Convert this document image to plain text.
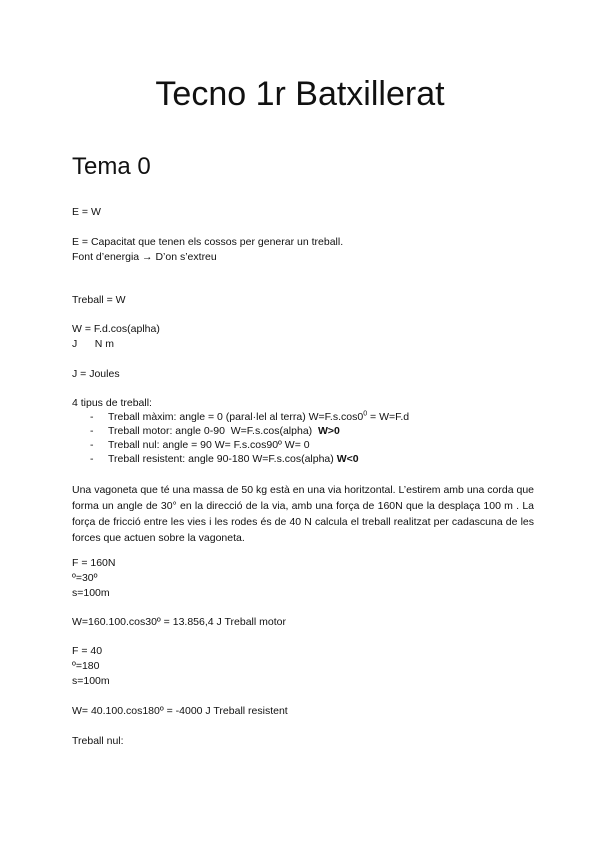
Tecno 1r Batxillerat
Tema 0
E = W
E = Capacitat que tenen els cossos per generar un treball.
Font d’energia → D’on s’extreu
Treball = W
W = F.d.cos(aplha)
J      N m
J = Joules
4 tipus de treball:
- Treball màxim: angle = 0 (paral·lel al terra) $W=F.s.\cos 0^0 = W=F.d$
- Treball motor: angle 0-90  W=F.s.cos(alpha)  W>0
- Treball nul: angle = 90 W= F.s.cos90º W= 0
- Treball resistent: angle 90-180 W=F.s.cos(alpha) W<0

Una vagoneta que té una massa de 50 kg està en una via horitzontal. L’estirem amb una corda que forma un angle de 30° en la direcció de la via, amb una força de 160N que la desplaça 100 m . La força de fricció entre les vies i les rodes és de 40 N calcula el treball realitzat per cadascuna de les forces que actuen sobre la vagoneta.

F = 160N
º=30º
s=100m
W=160.100.cos30º = 13.856,4 J Treball motor
F = 40
º=180
s=100m
W= 40.100.cos180º = -4000 J Treball resistent
Treball nul:
